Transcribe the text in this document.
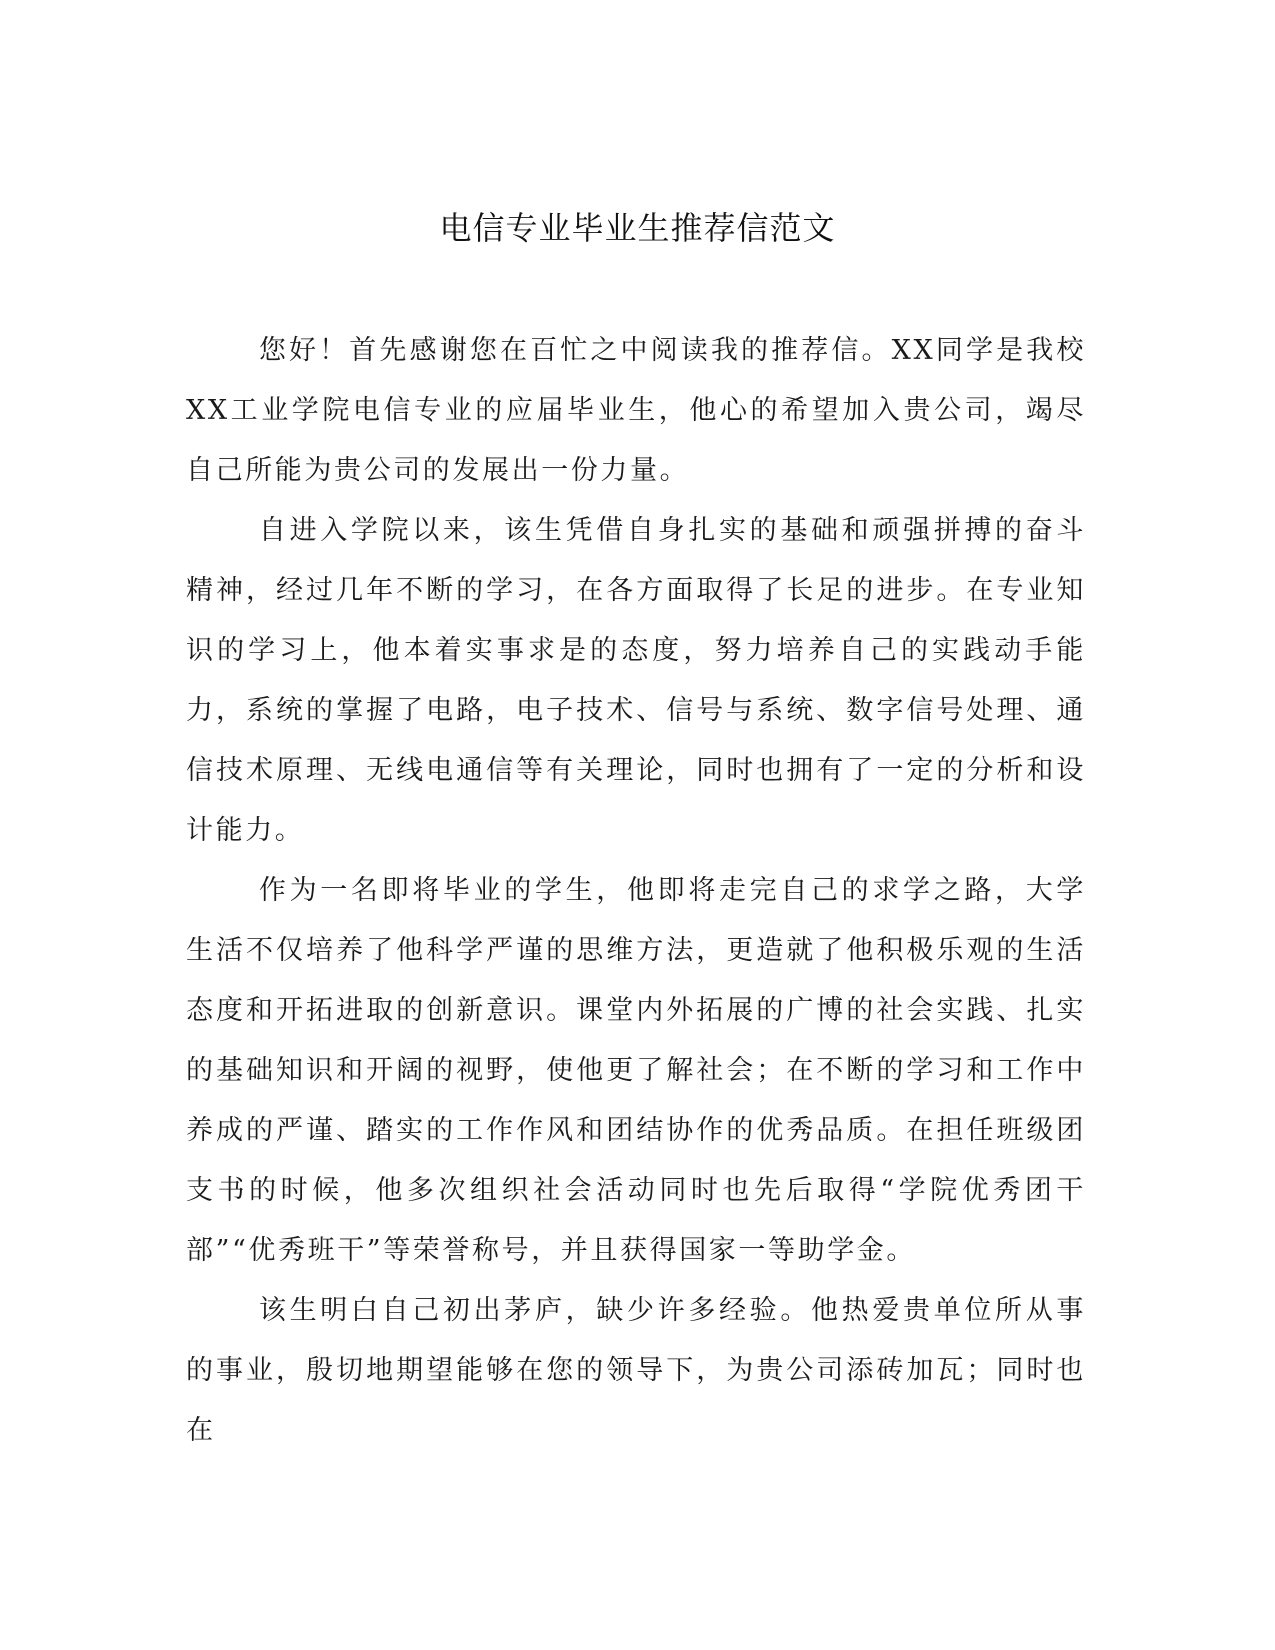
电信专业毕业生推荐信范文

您好！首先感谢您在百忙之中阅读我的推荐信。XX同学是我校XX工业学院电信专业的应届毕业生，他心的希望加入贵公司，竭尽自己所能为贵公司的发展出一份力量。

自进入学院以来，该生凭借自身扎实的基础和顽强拼搏的奋斗精神，经过几年不断的学习，在各方面取得了长足的进步。在专业知识的学习上，他本着实事求是的态度，努力培养自己的实践动手能力，系统的掌握了电路，电子技术、信号与系统、数字信号处理、通信技术原理、无线电通信等有关理论，同时也拥有了一定的分析和设计能力。

作为一名即将毕业的学生，他即将走完自己的求学之路，大学生活不仅培养了他科学严谨的思维方法，更造就了他积极乐观的生活态度和开拓进取的创新意识。课堂内外拓展的广博的社会实践、扎实的基础知识和开阔的视野，使他更了解社会；在不断的学习和工作中养成的严谨、踏实的工作作风和团结协作的优秀品质。在担任班级团支书的时候，他多次组织社会活动同时也先后取得“学院优秀团干部”“优秀班干”等荣誉称号，并且获得国家一等助学金。

该生明白自己初出茅庐，缺少许多经验。他热爱贵单位所从事的事业，殷切地期望能够在您的领导下，为贵公司添砖加瓦；同时也在
